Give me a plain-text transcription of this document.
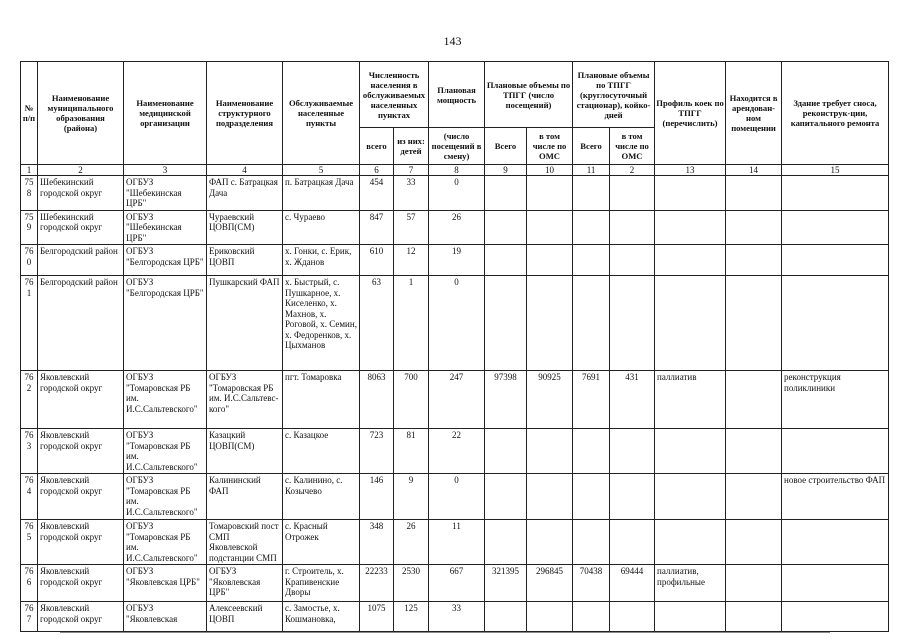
143
№ п/п	Наименование муниципального образования (района)	Наименование медицинской организации	Наименование структурного подразделения	Обслуживаемые населенные пункты	Численность населения в обслуживаемых населенных пунктах		Плановая мощность	Плановые объемы по ТПГГ (число посещений)		Плановые объемы по ТПГГ (круглосуточный стационар), койко-дней		Профиль коек по ТПГГ (перечислить)	Находится в арендован-ном помещении	Здание требует сноса, реконструк-ции, капитального ремонта
					всего	из них: детей	(число посещений в смену)	Всего	в том числе по ОМС	Всего	в том числе по ОМС			
1	2	3	4	5	6	7	8	9	10	11	2	13	14	15
758	Шебекинский городской округ	ОГБУЗ "Шебекинская ЦРБ"	ФАП с. Батрацкая Дача	п. Батрацкая Дача	454	33	0							
759	Шебекинский городской округ	ОГБУЗ "Шебекинская ЦРБ"	Чураевский ЦОВП(СМ)	с. Чураево	847	57	26							
760	Белгородский район	ОГБУЗ "Белгородская ЦРБ"	Ериковский ЦОВП	х. Гонки, с. Ерик, х. Жданов	610	12	19							
761	Белгородский район	ОГБУЗ "Белгородская ЦРБ"	Пушкарский ФАП	х. Быстрый, с. Пушкарное, х. Киселенко, х. Махнов, х. Роговой, х. Семин, х. Федоренков, х. Цыхманов	63	1	0							
762	Яковлевский городской округ	ОГБУЗ "Томаровская РБ им. И.С.Сальтевского"	ОГБУЗ "Томаровская РБ им. И.С.Сальтевс-кого"	пгт. Томаровка	8063	700	247	97398	90925	7691	431	паллиатив		реконструкция поликлиники
763	Яковлевский городской округ	ОГБУЗ "Томаровская РБ им. И.С.Сальтевского"	Казацкий ЦОВП(СМ)	с. Казацкое	723	81	22							
764	Яковлевский городской округ	ОГБУЗ "Томаровская РБ им. И.С.Сальтевского"	Калининский ФАП	с. Калинино, с. Козычево	146	9	0							новое строительство ФАП
765	Яковлевский городской округ	ОГБУЗ "Томаровская РБ им. И.С.Сальтевского"	Томаровский пост СМП Яковлевской подстанции СМП	с. Красный Отрожек	348	26	11							
766	Яковлевский городской округ	ОГБУЗ "Яковлевская ЦРБ"	ОГБУЗ "Яковлевская ЦРБ"	г. Строитель, х. Крапивенские Дворы	22233	2530	667	321395	296845	70438	69444	паллиатив, профильные		
767	Яковлевский городской округ	ОГБУЗ "Яковлевская	Алексеевский ЦОВП	с. Замостье, х. Кошмановка,	1075	125	33							
